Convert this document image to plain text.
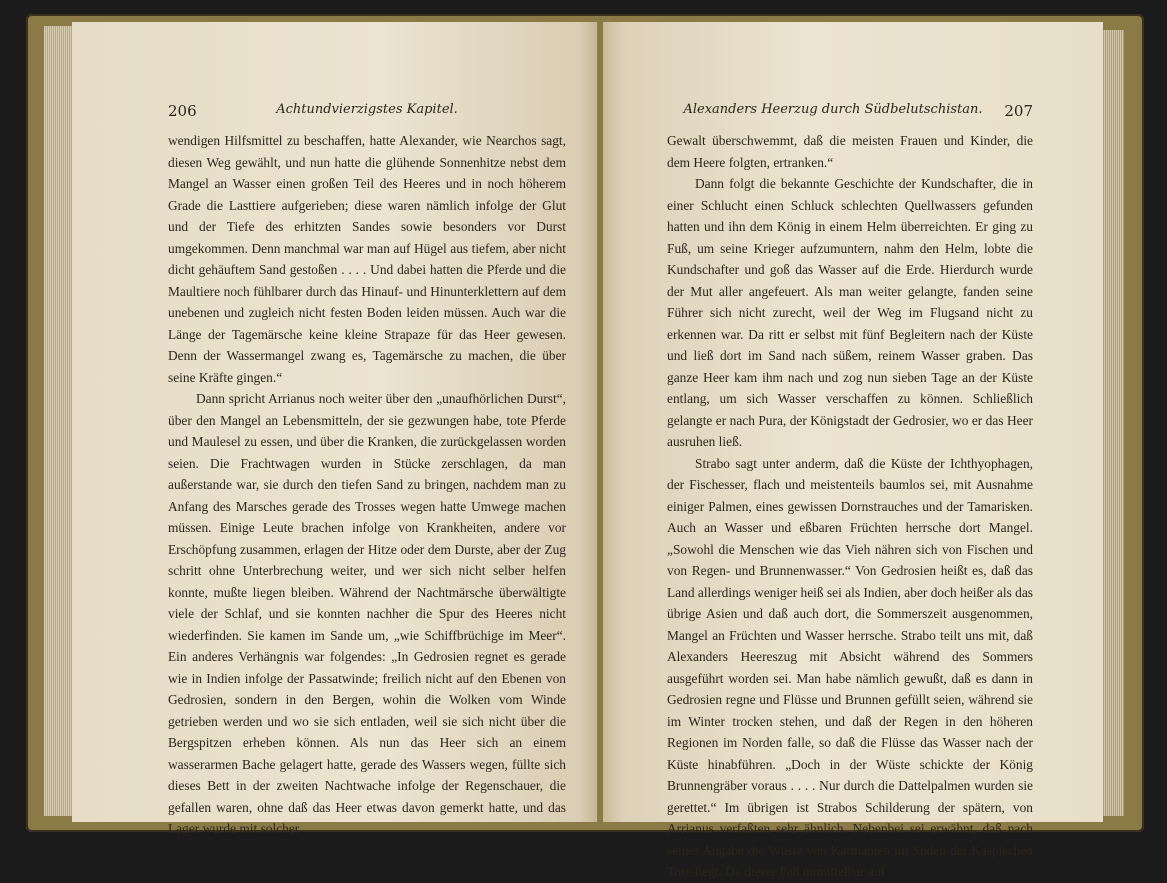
206	Achtundvierzigstes Kapitel.

wendigen Hilfsmittel zu beschaffen, hatte Alexander, wie Nearchos sagt, diesen Weg gewählt, und nun hatte die glühende Sonnenhitze nebst dem Mangel an Wasser einen großen Teil des Heeres und in noch höherem Grade die Lasttiere aufgerieben; diese waren nämlich infolge der Glut und der Tiefe des erhitzten Sandes sowie besonders vor Durst umgekommen. Denn manchmal war man auf Hügel aus tiefem, aber nicht dicht gehäuftem Sand gestoßen . . . . Und dabei hatten die Pferde und die Maultiere noch fühlbarer durch das Hinauf- und Hinunterklettern auf dem unebenen und zugleich nicht festen Boden leiden müssen. Auch war die Länge der Tagemärsche keine kleine Strapaze für das Heer gewesen. Denn der Wassermangel zwang es, Tagemärsche zu machen, die über seine Kräfte gingen.“

Dann spricht Arrianus noch weiter über den „unaufhörlichen Durst“, über den Mangel an Lebensmitteln, der sie gezwungen habe, tote Pferde und Maulesel zu essen, und über die Kranken, die zurückgelassen worden seien. Die Frachtwagen wurden in Stücke zerschlagen, da man außerstande war, sie durch den tiefen Sand zu bringen, nachdem man zu Anfang des Marsches gerade des Trosses wegen hatte Umwege machen müssen. Einige Leute brachen infolge von Krankheiten, andere vor Erschöpfung zusammen, erlagen der Hitze oder dem Durste, aber der Zug schritt ohne Unterbrechung weiter, und wer sich nicht selber helfen konnte, mußte liegen bleiben. Während der Nachtmärsche überwältigte viele der Schlaf, und sie konnten nachher die Spur des Heeres nicht wiederfinden. Sie kamen im Sande um, „wie Schiffbrüchige im Meer“. Ein anderes Verhängnis war folgendes: „In Gedrosien regnet es gerade wie in Indien infolge der Passatwinde; freilich nicht auf den Ebenen von Gedrosien, sondern in den Bergen, wohin die Wolken vom Winde getrieben werden und wo sie sich entladen, weil sie sich nicht über die Bergspitzen erheben können. Als nun das Heer sich an einem wasserarmen Bache gelagert hatte, gerade des Wassers wegen, füllte sich dieses Bett in der zweiten Nachtwache infolge der Regenschauer, die gefallen waren, ohne daß das Heer etwas davon gemerkt hatte, und das Lager wurde mit solcher

Alexanders Heerzug durch Südbelutschistan.	207

Gewalt überschwemmt, daß die meisten Frauen und Kinder, die dem Heere folgten, ertranken.“

Dann folgt die bekannte Geschichte der Kundschafter, die in einer Schlucht einen Schluck schlechten Quellwassers gefunden hatten und ihn dem König in einem Helm überreichten. Er ging zu Fuß, um seine Krieger aufzumuntern, nahm den Helm, lobte die Kundschafter und goß das Wasser auf die Erde. Hierdurch wurde der Mut aller angefeuert. Als man weiter gelangte, fanden seine Führer sich nicht zurecht, weil der Weg im Flugsand nicht zu erkennen war. Da ritt er selbst mit fünf Begleitern nach der Küste und ließ dort im Sand nach süßem, reinem Wasser graben. Das ganze Heer kam ihm nach und zog nun sieben Tage an der Küste entlang, um sich Wasser verschaffen zu können. Schließlich gelangte er nach Pura, der Königstadt der Gedrosier, wo er das Heer ausruhen ließ.

Strabo sagt unter anderm, daß die Küste der Ichthyophagen, der Fischesser, flach und meistenteils baumlos sei, mit Ausnahme einiger Palmen, eines gewissen Dornstrauches und der Tamarisken. Auch an Wasser und eßbaren Früchten herrsche dort Mangel. „Sowohl die Menschen wie das Vieh nähren sich von Fischen und von Regen- und Brunnenwasser.“ Von Gedrosien heißt es, daß das Land allerdings weniger heiß sei als Indien, aber doch heißer als das übrige Asien und daß auch dort, die Sommerszeit ausgenommen, Mangel an Früchten und Wasser herrsche. Strabo teilt uns mit, daß Alexanders Heereszug mit Absicht während des Sommers ausgeführt worden sei. Man habe nämlich gewußt, daß es dann in Gedrosien regne und Flüsse und Brunnen gefüllt seien, während sie im Winter trocken stehen, und daß der Regen in den höheren Regionen im Norden falle, so daß die Flüsse das Wasser nach der Küste hinabführen. „Doch in der Wüste schickte der König Brunnengräber voraus . . . . Nur durch die Dattelpalmen wurden sie gerettet.“ Im übrigen ist Strabos Schilderung der spätern, von Arrianus verfaßten sehr ähnlich. Nebenbei sei erwähnt, daß nach seiner Angabe die Wüste von Karmanien im Süden der Kaspischen Tore liegt. Da dieser Paß unmittelbar auf
